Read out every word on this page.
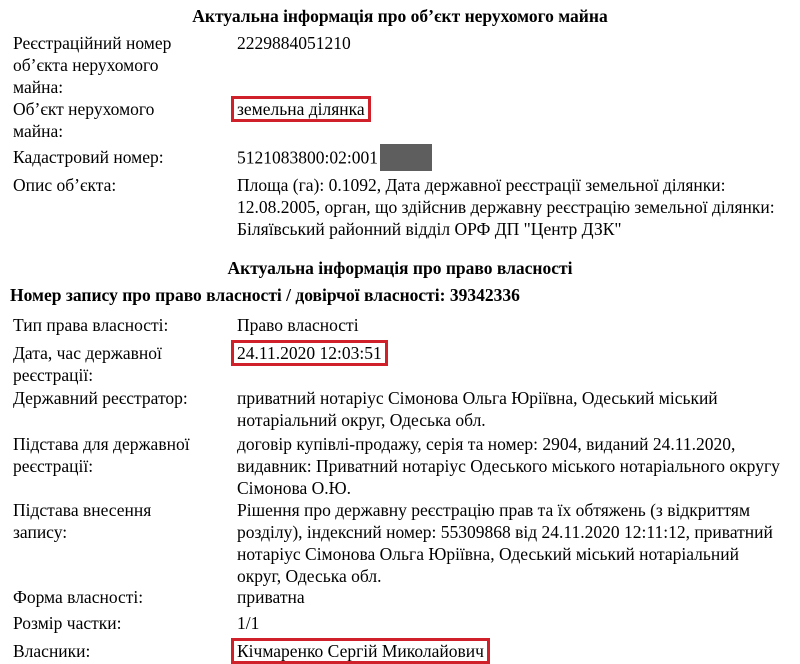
Актуальна інформація про об’єкт нерухомого майна
Реєстраційний номер об’єкта нерухомого майна:
2229884051210
Об’єкт нерухомого майна:
земельна ділянка
Кадастровий номер:	5121083800:02:001
Опис об’єкта:	Площа (га): 0.1092, Дата державної реєстрації земельної ділянки: 12.08.2005, орган, що здійснив державну реєстрацію земельної ділянки: Біляївський районний відділ ОРФ ДП "Центр ДЗК"
Актуальна інформація про право власності
Номер запису про право власності / довірчої власності: 39342336
Тип права власності:	Право власності
Дата, час державної реєстрації:
24.11.2020 12:03:51
Державний реєстратор:	приватний нотаріус Сімонова Ольга Юріївна, Одеський міський нотаріальний округ, Одеська обл.
Підстава для державної реєстрації:
договір купівлі-продажу, серія та номер: 2904, виданий 24.11.2020, видавник: Приватний нотаріус Одеського міського нотаріального округу Сімонова О.Ю.
Підстава внесення запису:
Рішення про державну реєстрацію прав та їх обтяжень (з відкриттям розділу), індексний номер: 55309868 від 24.11.2020 12:11:12, приватний нотаріус Сімонова Ольга Юріївна, Одеський міський нотаріальний округ, Одеська обл.
Форма власності:	приватна
Розмір частки:	1/1
Власники:	Кічмаренко Сергій Миколайович
